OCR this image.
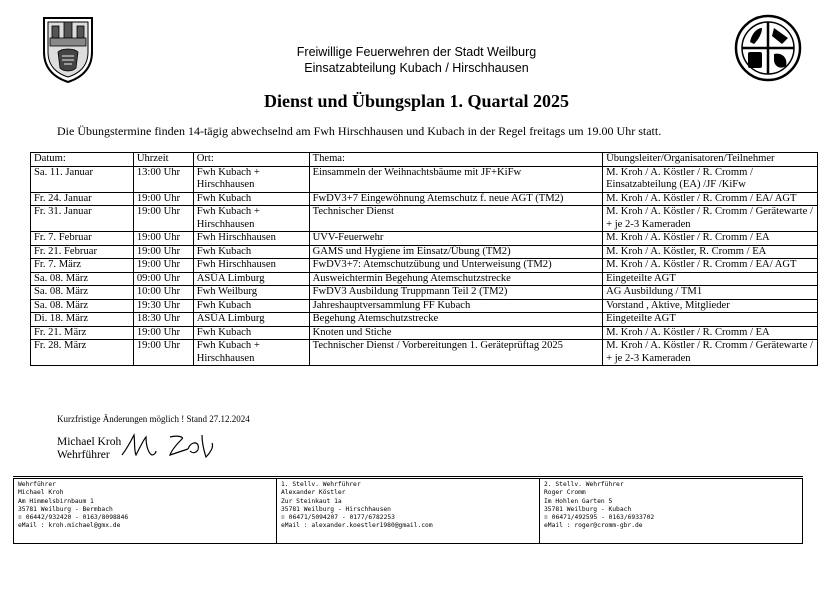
Freiwillige Feuerwehren der Stadt Weilburg
Einsatzabteilung Kubach / Hirschhausen
Dienst und Übungsplan 1. Quartal 2025
Die Übungstermine finden 14-tägig abwechselnd am Fwh Hirschhausen und Kubach in der Regel freitags um 19.00 Uhr statt.
Datum:	Uhrzeit	Ort:	Thema:	Übungsleiter/Organisatoren/Teilnehmer
Sa. 11. Januar	13:00 Uhr	Fwh Kubach + Hirschhausen	Einsammeln der Weihnachtsbäume mit JF+KiFw	M. Kroh / A. Köstler / R. Cromm / Einsatzabteilung (EA) /JF /KiFw
Fr. 24. Januar	19:00 Uhr	Fwh Kubach	FwDV3+7 Eingewöhnung Atemschutz f. neue AGT (TM2)	M. Kroh / A. Köstler / R. Cromm / EA/ AGT
Fr. 31. Januar	19:00 Uhr	Fwh Kubach + Hirschhausen	Technischer Dienst	M. Kroh / A. Köstler / R. Cromm / Gerätewarte / + je 2-3 Kameraden
Fr. 7. Februar	19:00 Uhr	Fwh Hirschhausen	UVV-Feuerwehr	M. Kroh / A. Köstler / R. Cromm / EA
Fr. 21. Februar	19:00 Uhr	Fwh Kubach	GAMS und Hygiene im Einsatz/Übung (TM2)	M. Kroh / A. Köstler, R. Cromm / EA
Fr. 7. März	19:00 Uhr	Fwh Hirschhausen	FwDV3+7: Atemschutzübung und Unterweisung (TM2)	M. Kroh / A. Köstler / R. Cromm / EA/ AGT
Sa. 08. März	09:00 Uhr	ASÜA Limburg	Ausweichtermin Begehung Atemschutzstrecke	Eingeteilte AGT
Sa. 08. März	10:00 Uhr	Fwh Weilburg	FwDV3 Ausbildung Truppmann Teil 2 (TM2)	AG Ausbildung / TM1
Sa. 08. März	19:30 Uhr	Fwh Kubach	Jahreshauptversammlung FF Kubach	Vorstand , Aktive, Mitglieder
Di. 18. März	18:30 Uhr	ASÜA Limburg	Begehung Atemschutzstrecke	Eingeteilte AGT
Fr. 21. März	19:00 Uhr	Fwh Kubach	Knoten und Stiche	M. Kroh / A. Köstler / R. Cromm / EA
Fr. 28. März	19:00 Uhr	Fwh Kubach + Hirschhausen	Technischer Dienst / Vorbereitungen 1. Geräteprüftag 2025	M. Kroh / A. Köstler / R. Cromm / Gerätewarte / + je 2-3 Kameraden
Kurzfristige Änderungen möglich ! Stand 27.12.2024
Michael Kroh
Wehrführer
Wehrführer
Michael Kroh
Am Himmelsbirnbaum 1
35781 Weilburg - Bermbach
☏ 06442/932420 - 0163/8098846
eMail : kroh.michael@gmx.de
1. Stellv. Wehrführer
Alexander Köstler
Zur Steinkaut 1a
35781 Weilburg - Hirschhausen
☏ 06471/5094207 - 0177/6782253
eMail : alexander.koestler1980@gmail.com
2. Stellv. Wehrführer
Roger Cromm
Im Hohlen Garten 5
35781 Weilburg - Kubach
☏ 06471/492595 - 0163/6933702
eMail : roger@cromm-gbr.de
